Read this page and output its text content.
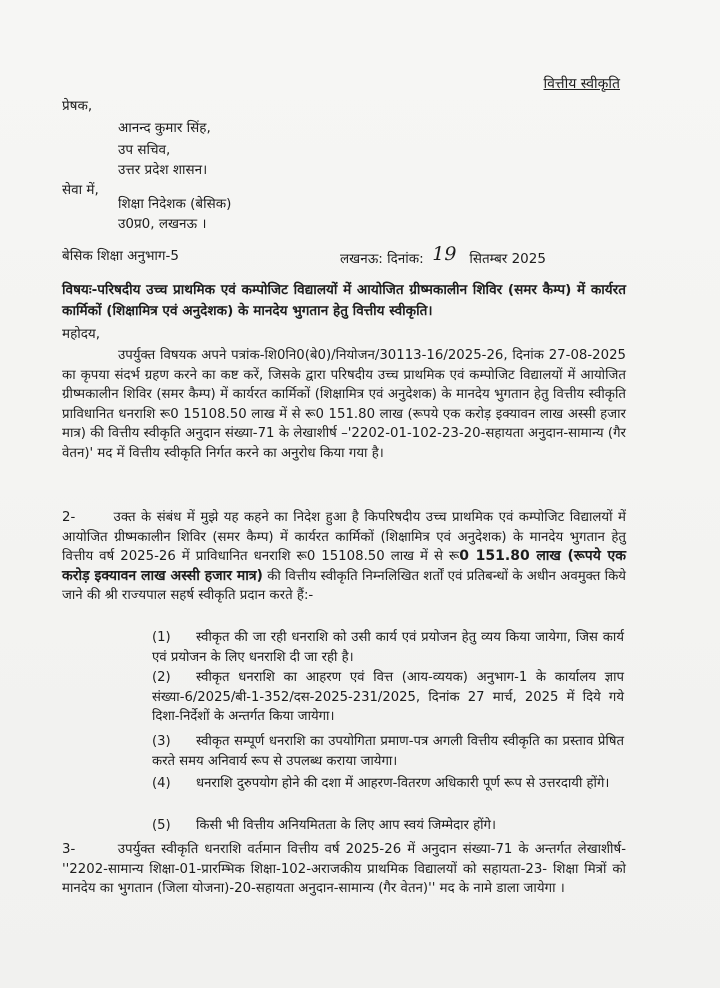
वित्तीय स्वीकृति
प्रेषक,
आनन्द कुमार सिंह,
उप सचिव,
उत्तर प्रदेश शासन।
सेवा में,
शिक्षा निदेशक (बेसिक)
उ0प्र0, लखनऊ ।
बेसिक शिक्षा अनुभाग-5	लखनऊ: दिनांक: 19 सितम्बर 2025
विषयः-परिषदीय उच्च प्राथमिक एवं कम्पोजिट विद्यालयों में आयोजित ग्रीष्मकालीन शिविर (समर कैम्प) में कार्यरत कार्मिकों (शिक्षामित्र एवं अनुदेशक) के मानदेय भुगतान हेतु वित्तीय स्वीकृति।
महोदय,
उपर्युक्त विषयक अपने पत्रांक-शि0नि0(बे0)/नियोजन/30113-16/2025-26, दिनांक 27-08-2025 का कृपया संदर्भ ग्रहण करने का कष्ट करें, जिसके द्वारा परिषदीय उच्च प्राथमिक एवं कम्पोजिट विद्यालयों में आयोजित ग्रीष्मकालीन शिविर (समर कैम्प) में कार्यरत कार्मिकों (शिक्षामित्र एवं अनुदेशक) के मानदेय भुगतान हेतु वित्तीय स्वीकृति प्राविधानित धनराशि रू0 15108.50 लाख में से रू0 151.80 लाख (रूपये एक करोड़ इक्यावन लाख अस्सी हजार मात्र) की वित्तीय स्वीकृति अनुदान संख्या-71 के लेखाशीर्ष –'2202-01-102-23-20-सहायता अनुदान-सामान्य (गैर वेतन)' मद में वित्तीय स्वीकृति निर्गत करने का अनुरोध किया गया है।
2-	उक्त के संबंध में मुझे यह कहने का निदेश हुआ है किपरिषदीय उच्च प्राथमिक एवं कम्पोजिट विद्यालयों में आयोजित ग्रीष्मकालीन शिविर (समर कैम्प) में कार्यरत कार्मिकों (शिक्षामित्र एवं अनुदेशक) के मानदेय भुगतान हेतु वित्तीय वर्ष 2025-26 में प्राविधानित धनराशि रू0 15108.50 लाख में से रू0 151.80 लाख (रूपये एक करोड़ इक्यावन लाख अस्सी हजार मात्र) की वित्तीय स्वीकृति निम्नलिखित शर्तों एवं प्रतिबन्धों के अधीन अवमुक्त किये जाने की श्री राज्यपाल सहर्ष स्वीकृति प्रदान करते हैं:-
(1) स्वीकृत की जा रही धनराशि को उसी कार्य एवं प्रयोजन हेतु व्यय किया जायेगा, जिस कार्य एवं प्रयोजन के लिए धनराशि दी जा रही है।
(2) स्वीकृत धनराशि का आहरण एवं वित्त (आय-व्ययक) अनुभाग-1 के कार्यालय ज्ञाप संख्या-6/2025/बी-1-352/दस-2025-231/2025, दिनांक 27 मार्च, 2025 में दिये गये दिशा-निर्देशों के अन्तर्गत किया जायेगा।
(3) स्वीकृत सम्पूर्ण धनराशि का उपयोगिता प्रमाण-पत्र अगली वित्तीय स्वीकृति का प्रस्ताव प्रेषित करते समय अनिवार्य रूप से उपलब्ध कराया जायेगा।
(4) धनराशि दुरुपयोग होने की दशा में आहरण-वितरण अधिकारी पूर्ण रूप से उत्तरदायी होंगे।
(5) किसी भी वित्तीय अनियमितता के लिए आप स्वयं जिम्मेदार होंगे।
3-	उपर्युक्त स्वीकृति धनराशि वर्तमान वित्तीय वर्ष 2025-26 में अनुदान संख्या-71 के अन्तर्गत लेखाशीर्ष-''2202-सामान्य शिक्षा-01-प्रारम्भिक शिक्षा-102-अराजकीय प्राथमिक विद्यालयों को सहायता-23- शिक्षा मित्रों को मानदेय का भुगतान (जिला योजना)-20-सहायता अनुदान-सामान्य (गैर वेतन)'' मद के नामे डाला जायेगा ।
